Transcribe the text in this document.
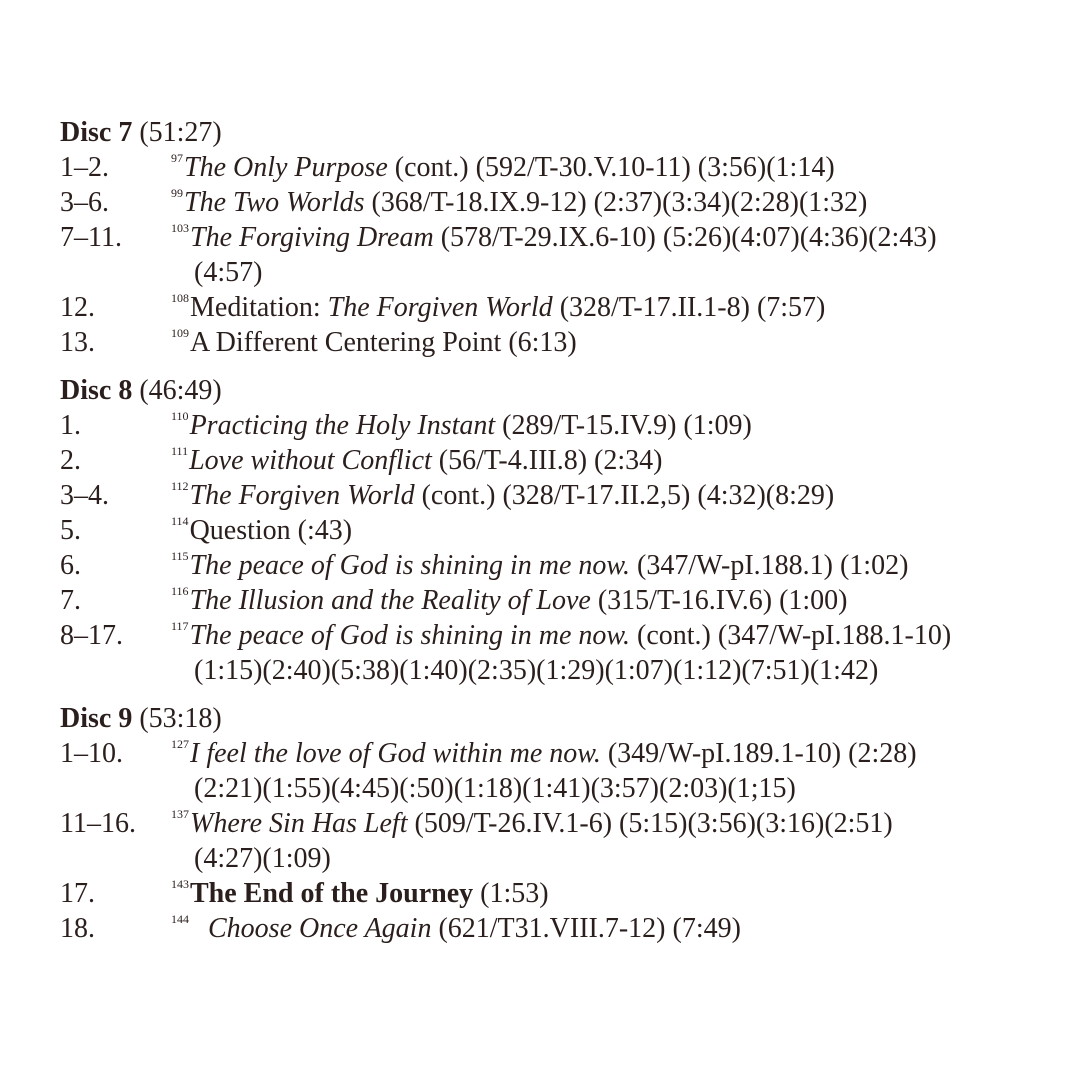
Disc 7 (51:27)
1–2.	$^{97}$The Only Purpose (cont.) (592/T-30.V.10-11) (3:56)(1:14)
3–6.	$^{99}$The Two Worlds (368/T-18.IX.9-12) (2:37)(3:34)(2:28)(1:32)
7–11.	$^{103}$The Forgiving Dream (578/T-29.IX.6-10) (5:26)(4:07)(4:36)(2:43)
(4:57)
12.	$^{108}$Meditation: The Forgiven World (328/T-17.II.1-8) (7:57)
13.	$^{109}$A Different Centering Point (6:13)
Disc 8 (46:49)
1.	$^{110}$Practicing the Holy Instant (289/T-15.IV.9) (1:09)
2.	$^{111}$Love without Conflict (56/T-4.III.8) (2:34)
3–4.	$^{112}$The Forgiven World (cont.) (328/T-17.II.2,5) (4:32)(8:29)
5.	$^{114}$Question (:43)
6.	$^{115}$The peace of God is shining in me now. (347/W-pI.188.1) (1:02)
7.	$^{116}$The Illusion and the Reality of Love (315/T-16.IV.6) (1:00)
8–17.	$^{117}$The peace of God is shining in me now. (cont.) (347/W-pI.188.1-10)
(1:15)(2:40)(5:38)(1:40)(2:35)(1:29)(1:07)(1:12)(7:51)(1:42)
Disc 9 (53:18)
1–10.	$^{127}$I feel the love of God within me now. (349/W-pI.189.1-10) (2:28)
(2:21)(1:55)(4:45)(:50)(1:18)(1:41)(3:57)(2:03)(1;15)
11–16.	$^{137}$Where Sin Has Left (509/T-26.IV.1-6) (5:15)(3:56)(3:16)(2:51)
(4:27)(1:09)
17.	$^{143}$The End of the Journey (1:53)
18.	$^{144}$ Choose Once Again (621/T31.VIII.7-12) (7:49)
